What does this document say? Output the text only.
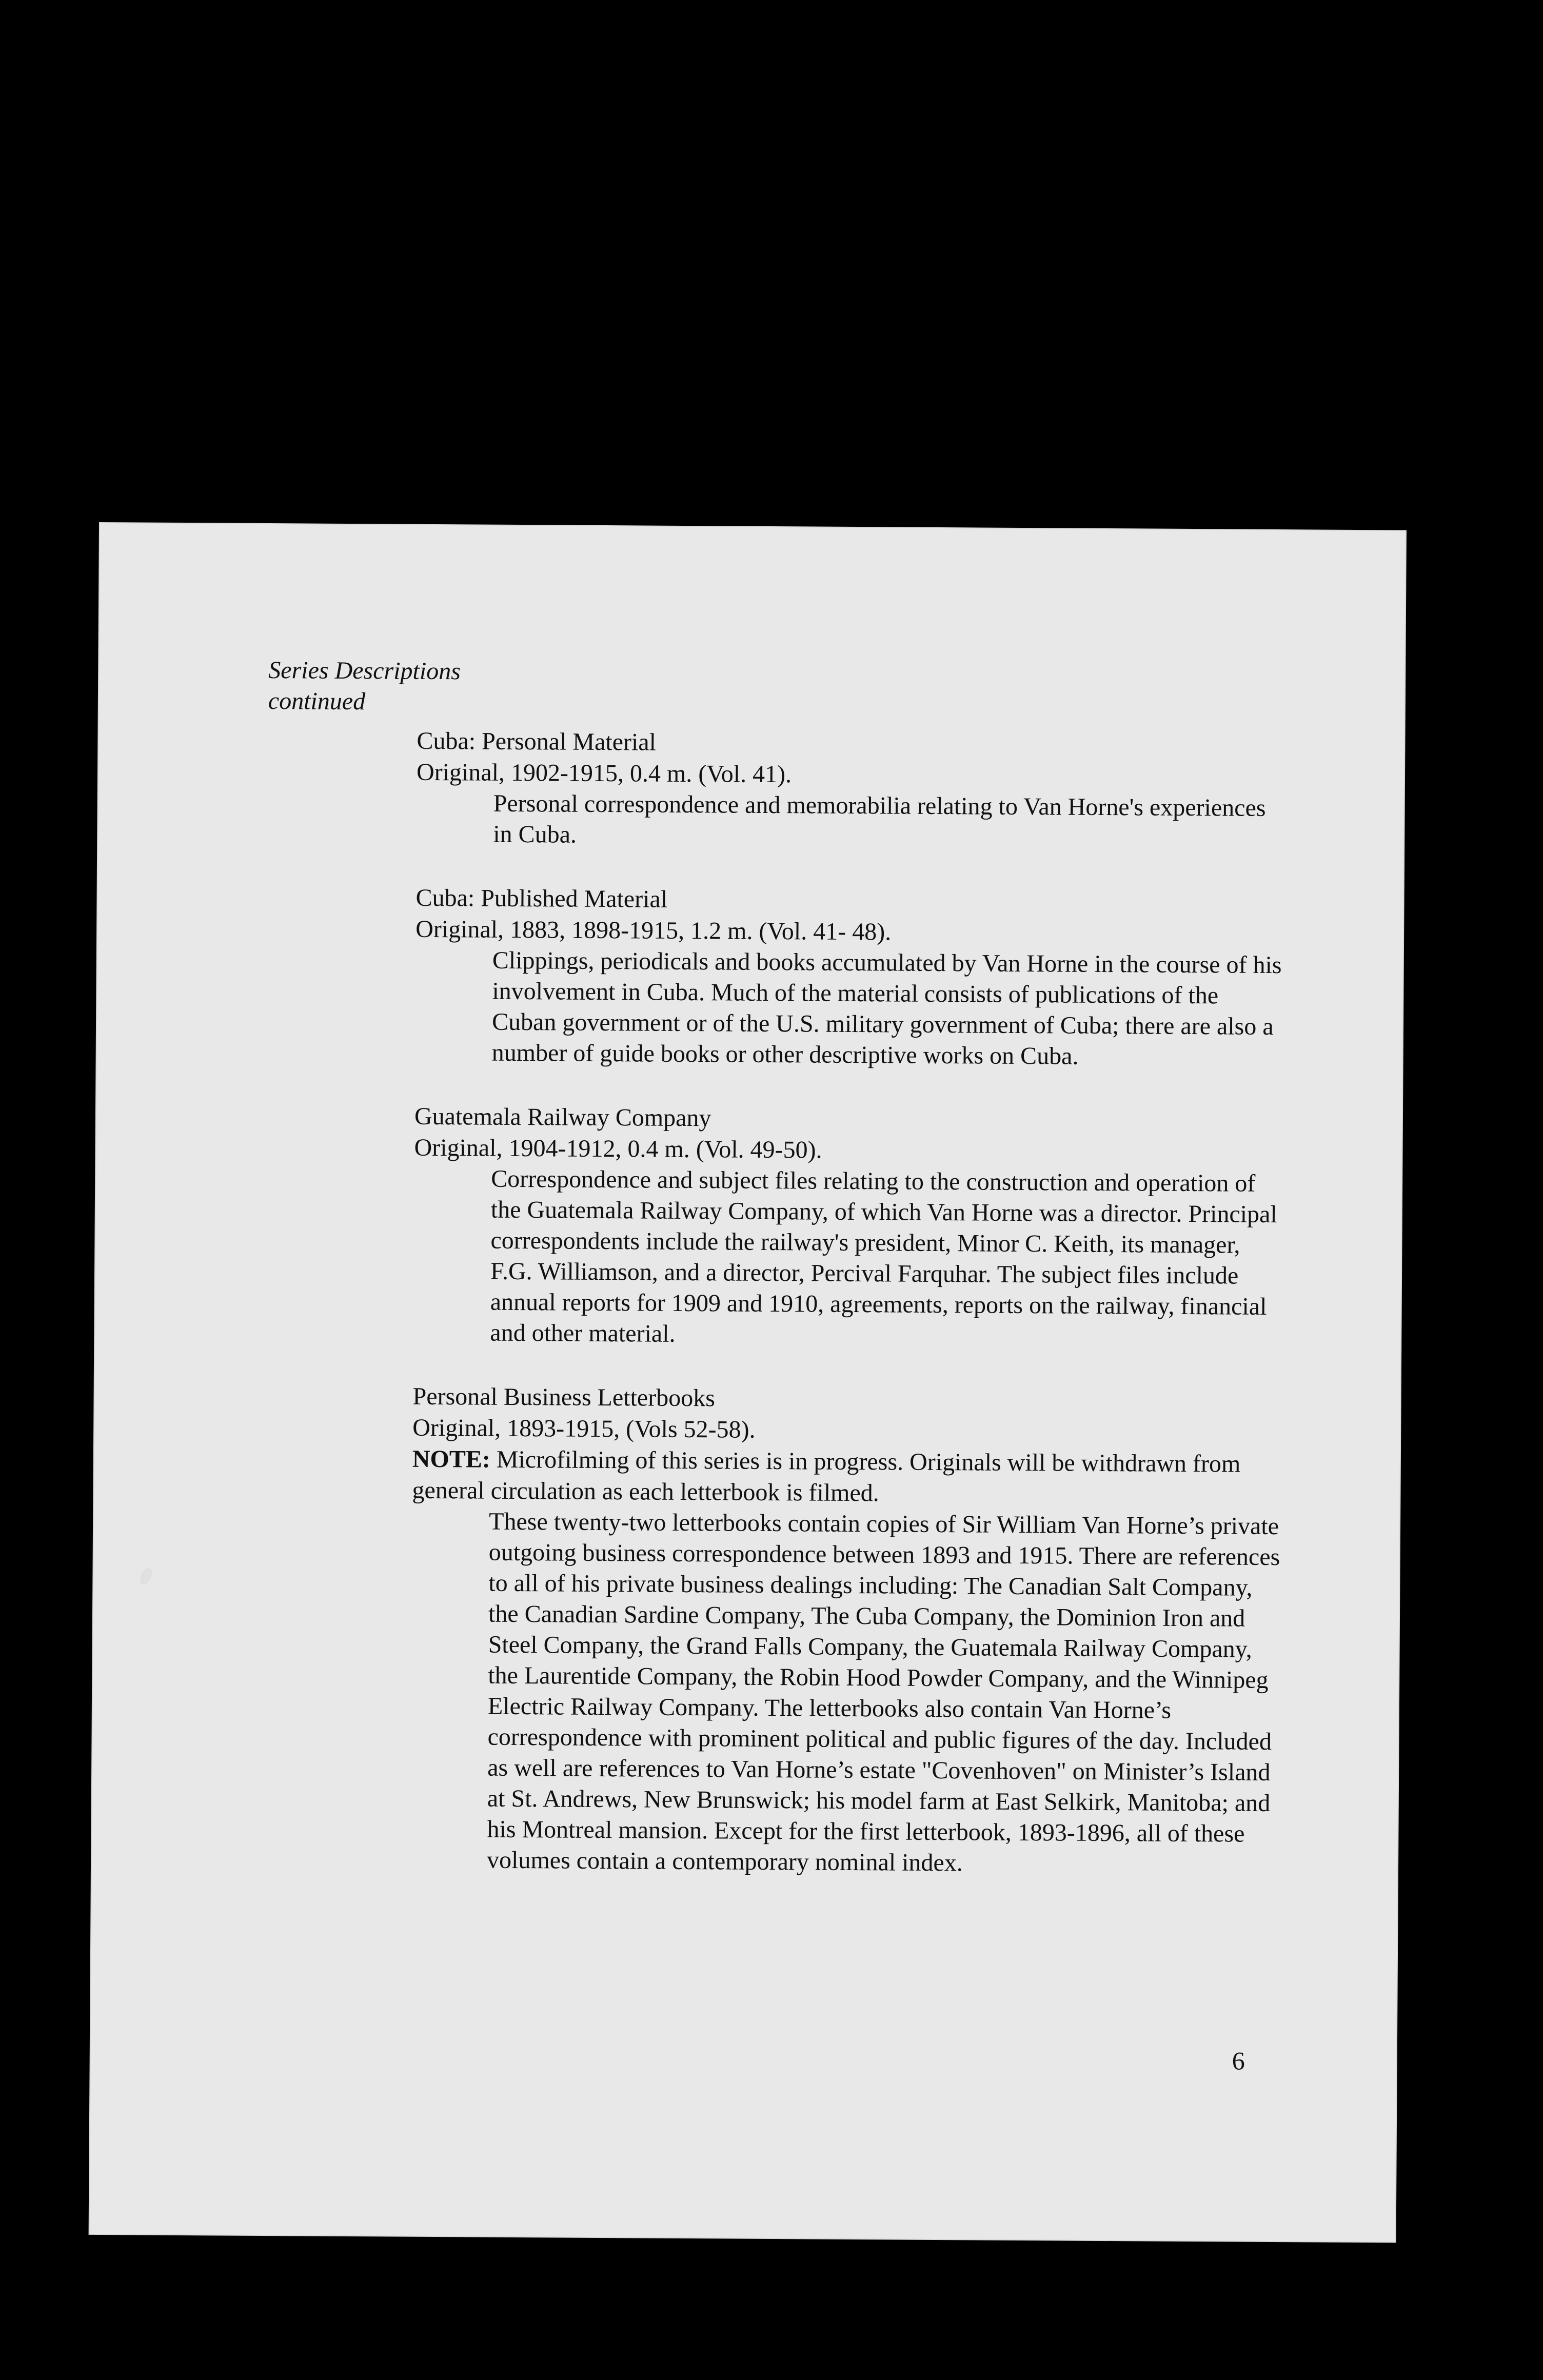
Series Descriptions
continued

Cuba: Personal Material

Original, 1902-1915, 0.4 m. (Vol. 41).

Personal correspondence and memorabilia relating to Van Horne's experiences in Cuba.

Cuba: Published Material

Original, 1883, 1898-1915, 1.2 m. (Vol. 41- 48).

Clippings, periodicals and books accumulated by Van Horne in the course of his involvement in Cuba. Much of the material consists of publications of the Cuban government or of the U.S. military government of Cuba; there are also a number of guide books or other descriptive works on Cuba.

Guatemala Railway Company

Original, 1904-1912, 0.4 m. (Vol. 49-50).

Correspondence and subject files relating to the construction and operation of the Guatemala Railway Company, of which Van Horne was a director. Principal correspondents include the railway's president, Minor C. Keith, its manager, F.G. Williamson, and a director, Percival Farquhar. The subject files include annual reports for 1909 and 1910, agreements, reports on the railway, financial and other material.

Personal Business Letterbooks

Original, 1893-1915, (Vols 52-58).

NOTE: Microfilming of this series is in progress. Originals will be withdrawn from general circulation as each letterbook is filmed.

These twenty-two letterbooks contain copies of Sir William Van Horne’s private outgoing business correspondence between 1893 and 1915. There are references to all of his private business dealings including: The Canadian Salt Company, the Canadian Sardine Company, The Cuba Company, the Dominion Iron and Steel Company, the Grand Falls Company, the Guatemala Railway Company, the Laurentide Company, the Robin Hood Powder Company, and the Winnipeg Electric Railway Company. The letterbooks also contain Van Horne’s correspondence with prominent political and public figures of the day. Included as well are references to Van Horne’s estate "Covenhoven" on Minister’s Island at St. Andrews, New Brunswick; his model farm at East Selkirk, Manitoba; and his Montreal mansion. Except for the first letterbook, 1893-1896, all of these volumes contain a contemporary nominal index.

6
